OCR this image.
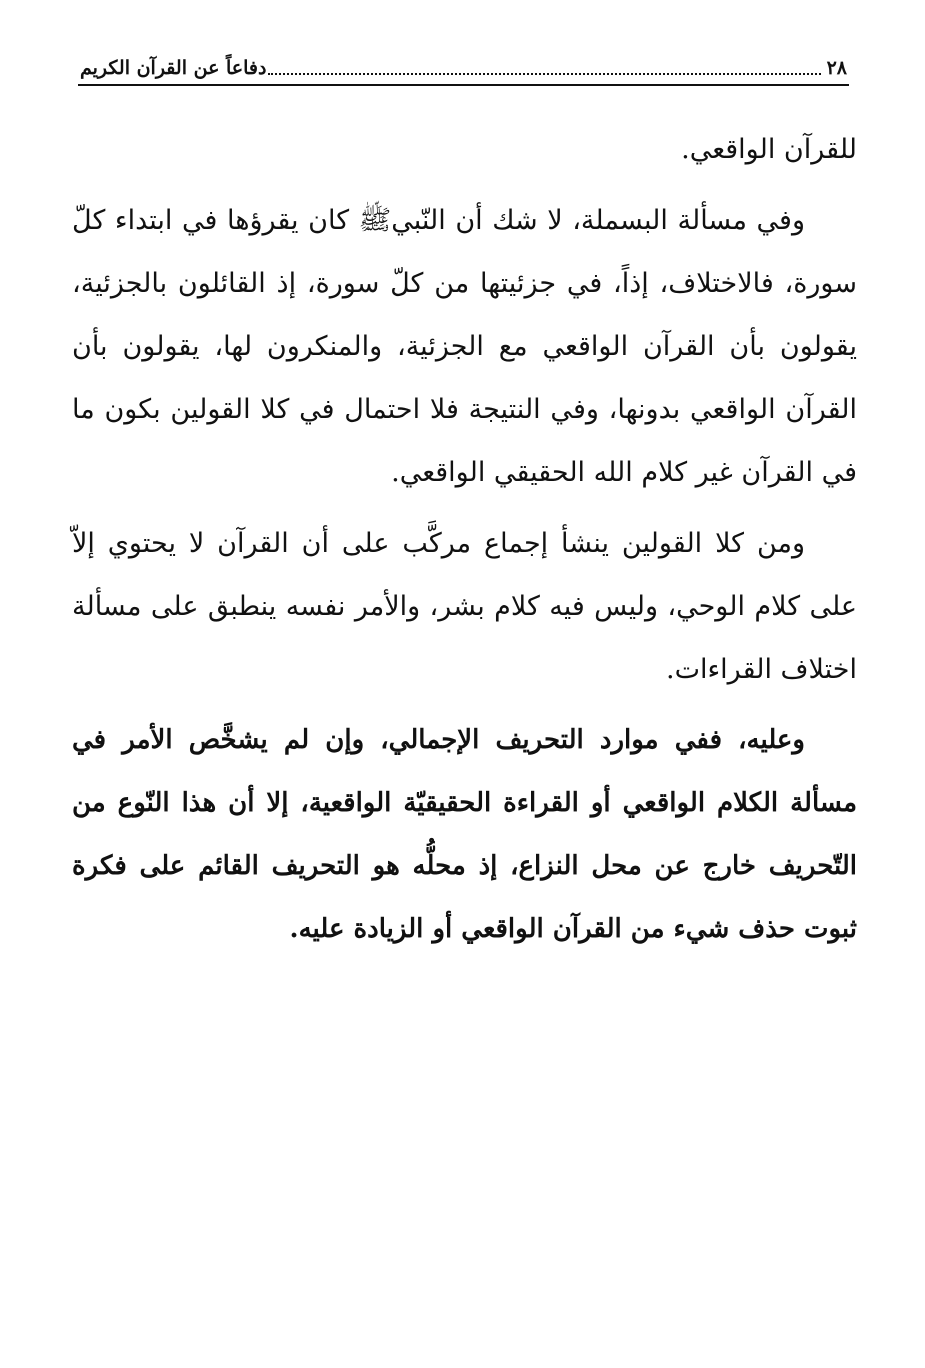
٢٨
دفاعاً عن القرآن الكريم

للقرآن الواقعي.

وفي مسألة البسملة، لا شك أن النّبيﷺ كان يقرؤها في ابتداء كلّ سورة، فالاختلاف، إذاً، في جزئيتها من كلّ سورة، إذ القائلون بالجزئية، يقولون بأن القرآن الواقعي مع الجزئية، والمنكرون لها، يقولون بأن القرآن الواقعي بدونها، وفي النتيجة فلا احتمال في كلا القولين بكون ما في القرآن غير كلام الله الحقيقي الواقعي.

ومن كلا القولين ينشأ إجماع مركَّب على أن القرآن لا يحتوي إلاّ على كلام الوحي، وليس فيه كلام بشر، والأمر نفسه ينطبق على مسألة اختلاف القراءات.

وعليه، ففي موارد التحريف الإجمالي، وإن لم يشخَّص الأمر في مسألة الكلام الواقعي أو القراءة الحقيقيّة الواقعية، إلا أن هذا النّوع من التّحريف خارج عن محل النزاع، إذ محلُّه هو التحريف القائم على فكرة ثبوت حذف شيء من القرآن الواقعي أو الزيادة عليه.
